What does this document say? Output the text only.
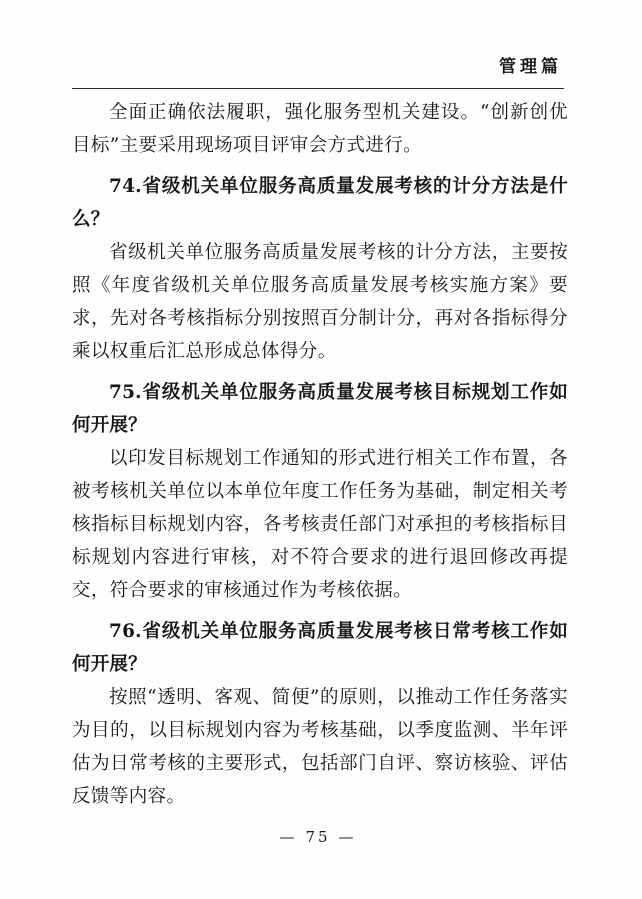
管理篇

全面正确依法履职，强化服务型机关建设。“创新创优目标”主要采用现场项目评审会方式进行。

74.省级机关单位服务高质量发展考核的计分方法是什么？

省级机关单位服务高质量发展考核的计分方法，主要按照《年度省级机关单位服务高质量发展考核实施方案》要求，先对各考核指标分别按照百分制计分，再对各指标得分乘以权重后汇总形成总体得分。

75.省级机关单位服务高质量发展考核目标规划工作如何开展？

以印发目标规划工作通知的形式进行相关工作布置，各被考核机关单位以本单位年度工作任务为基础，制定相关考核指标目标规划内容，各考核责任部门对承担的考核指标目标规划内容进行审核，对不符合要求的进行退回修改再提交，符合要求的审核通过作为考核依据。

76.省级机关单位服务高质量发展考核日常考核工作如何开展？

按照“透明、客观、简便”的原则，以推动工作任务落实为目的，以目标规划内容为考核基础，以季度监测、半年评估为日常考核的主要形式，包括部门自评、察访核验、评估反馈等内容。

— 75 —
